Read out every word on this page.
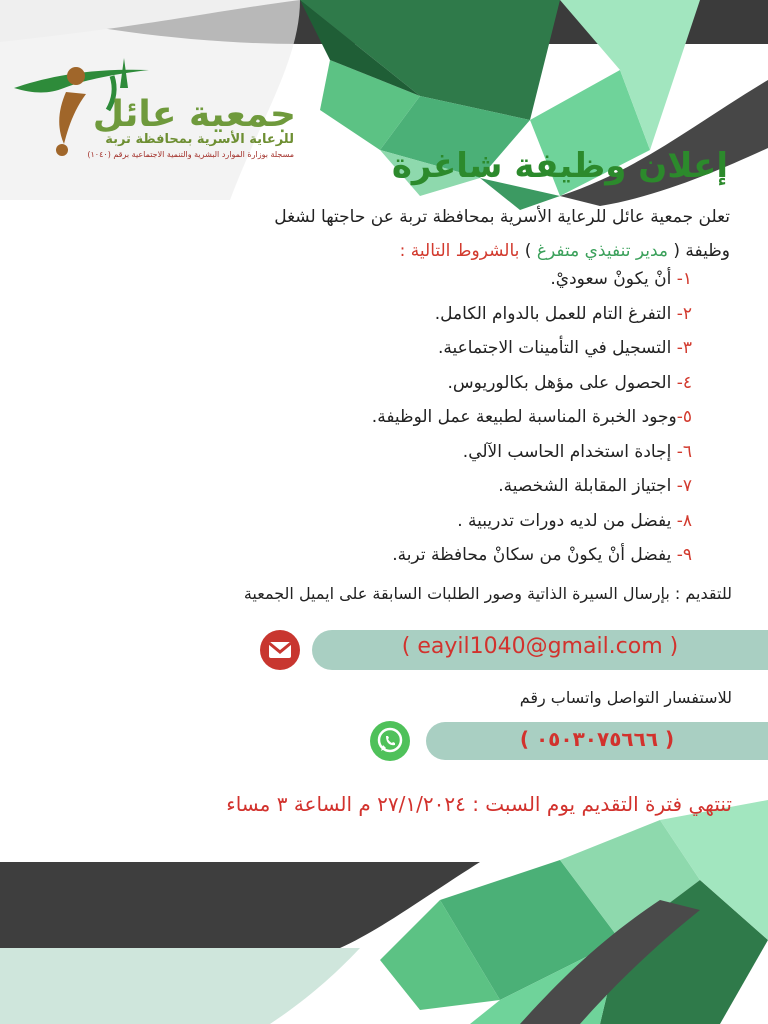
جمعية عائل
للرعاية الأسرية بمحافظة تربة
مسجلة بوزارة الموارد البشرية والتنمية الاجتماعية برقم (١٠٤٠)	إعلان وظيفة شاغرة
تعلن جمعية عائل للرعاية الأسرية بمحافظة تربة عن حاجتها لشغل
وظيفة ( مدير تنفيذي متفرغ ) بالشروط التالية :
١- أنْ يكونْ سعوديْ.
٢- التفرغ التام للعمل بالدوام الكامل.
٣- التسجيل في التأمينات الاجتماعية.
٤- الحصول على مؤهل بكالوريوس.
٥-وجود الخبرة المناسبة لطبيعة عمل الوظيفة.
٦- إجادة استخدام الحاسب الآلي.
٧- اجتياز المقابلة الشخصية.
٨- يفضل من لديه دورات تدريبية .
٩- يفضل أنْ يكونْ من سكانْ محافظة تربة.
للتقديم : بإرسال السيرة الذاتية وصور الطلبات السابقة على ايميل الجمعية
( eayil1040@gmail.com )
للاستفسار التواصل واتساب رقم
( ٠٥٠٣٠٧٥٦٦٦ )
تنتهي فترة التقديم يوم السبت : ٢٧/١/٢٠٢٤ م الساعة ٣ مساء
